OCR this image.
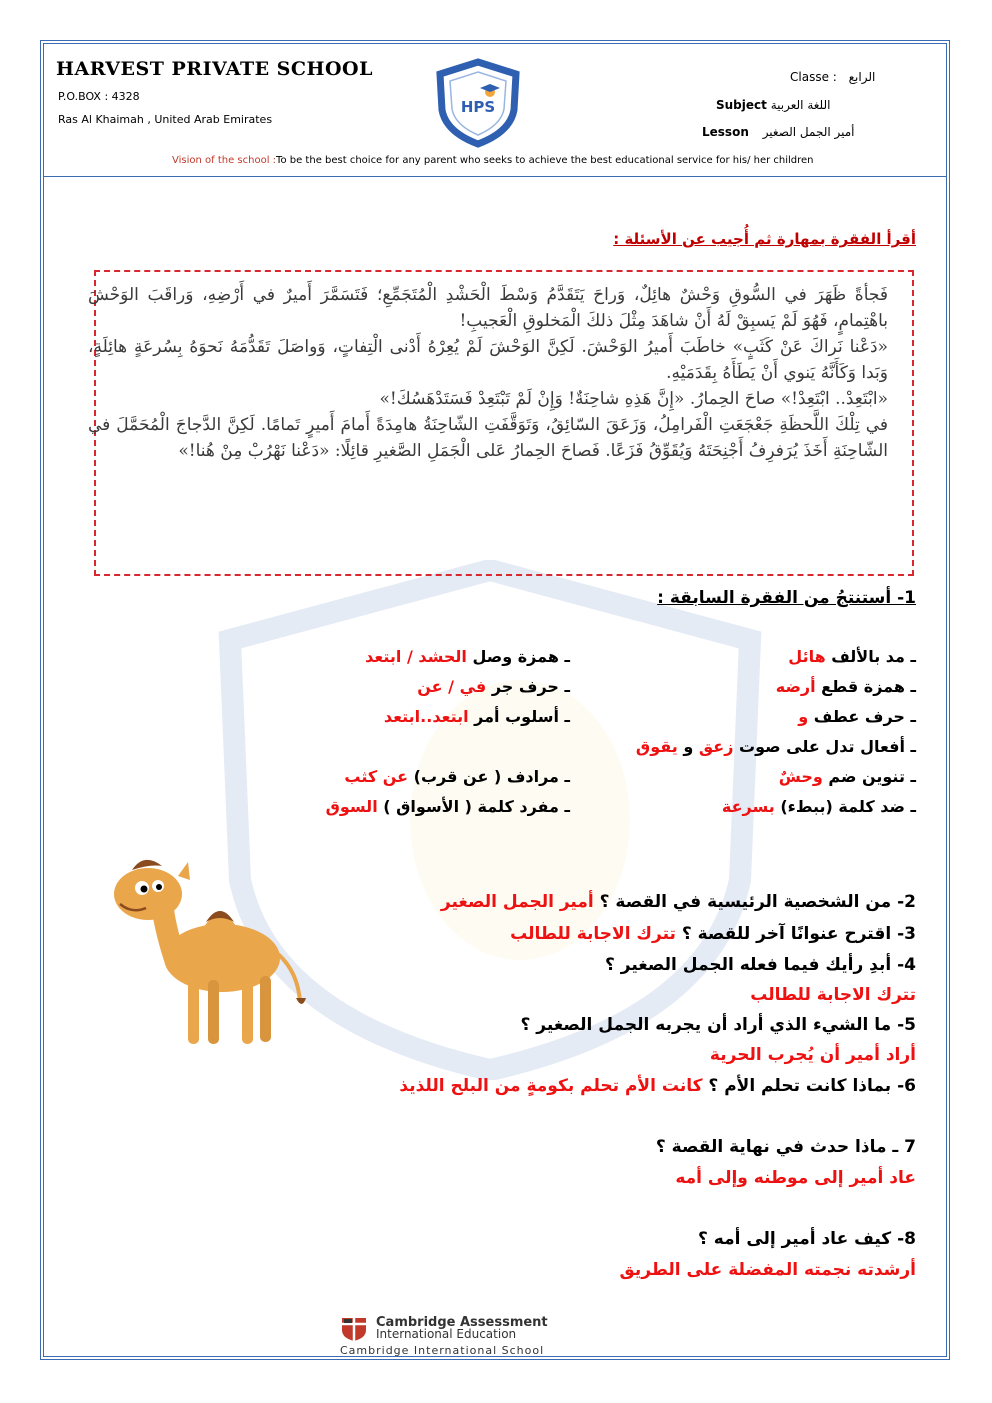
HARVEST PRIVATE SCHOOL
P.O.BOX : 4328
Ras Al Khaimah , United Arab Emirates
HPS
Classe : الرابع
Subject اللغة العربية
Lesson أمير الجمل الصغير
Vision of the school :To be the best choice for any parent who seeks to achieve the best educational service for his/ her children
أقرأ الفقرة بمهارة ثم أُجيب عن الأسئلة :

فَجأةً ظَهَرَ في السُّوقِ وَحْشٌ هائِلٌ، وَراحَ يَتَقَدَّمُ وَسْطَ الْحَشْدِ الْمُتَجَمِّعِ؛ فَتَسَمَّرَ أَميرٌ في أَرْضِهِ، وَراقَبَ الوَحْشَ باهْتِمامٍ، فَهُوَ لَمْ يَسبِقْ لَهُ أَنْ شاهَدَ مِثْلَ ذلكَ الْمَخلوقِ الْعَجيبِ!

«دَعْنا نَراكَ عَنْ كَثَبٍ» خاطَبَ أَميرُ الوَحْشَ. لَكِنَّ الوَحْشَ لَمْ يُعِرْهُ أَدْنى الْتِفاتٍ، وَواصَلَ تَقَدُّمَهُ نَحوَهُ بِسُرعَةٍ هائِلَةٍ، وَبَدا وَكَأَنَّهُ يَنوي أَنْ يَطَأَهُ بِقَدَمَيْهِ.

«ابْتَعِدْ.. ابْتَعِدْ!» صاحَ الحِمارُ. «إِنَّ هَذِهِ شاحِنَةٌ! وَإِنْ لَمْ تَبْتَعِدْ فَسَتَدْهَسُكَ!»

في تِلْكَ اللَّحظَةِ جَعْجَعَتِ الْفَرامِلُ، وَزَعَقَ السّائِقُ، وَتَوَقَّفَتِ الشّاحِنَةُ هامِدَةً أَمامَ أَميرٍ تَمامًا. لَكِنَّ الدَّجاجَ الْمُحَمَّلَ في الشّاحِنَةِ أَخَذَ يُرَفرِفُ أَجْنِحَتَهُ وَيُقَوِّقُ فَزَعًا. فَصاحَ الحِمارُ عَلى الْجَمَلِ الصَّغيرِ قائِلًا: «دَعْنا نَهْرُبْ مِنْ هُنا!»

1- أستنتجُ من الفقرة السابقة :
ـ مد بالألف هائل
ـ همزة قطع أرضه
ـ حرف عطف و
ـ أفعال تدل على صوت زعق و يقوق
ـ تنوين ضم وحشٌ
ـ ضد كلمة (ببطء) بسرعة
ـ همزة وصل الحشد / ابتعد
ـ حرف جر في / عن
ـ أسلوب أمر ابتعد..ابتعد
ـ مرادف ( عن قرب) عن كثب
ـ مفرد كلمة ( الأسواق ) السوق
2- من الشخصية الرئيسية في القصة ؟ أمير الجمل الصغير
3- اقترح عنوانًا آخر للقصة ؟ تترك الاجابة للطالب
4- أبدِ رأيك فيما فعله الجمل الصغير ؟
تترك الاجابة للطالب
5- ما الشيء الذي أراد أن يجربه الجمل الصغير ؟
أراد أمير أن يُجرب الحرية
6- بماذا كانت تحلم الأم ؟ كانت الأم تحلم بكومةٍ من البلح اللذيذ
7 ـ ماذا حدث في نهاية القصة ؟
عاد أمير إلى موطنه وإلى أمه
8- كيف عاد أمير إلى أمه ؟
أرشدته نجمته المفضلة على الطريق
Cambridge Assessment
International Education
Cambridge International School
